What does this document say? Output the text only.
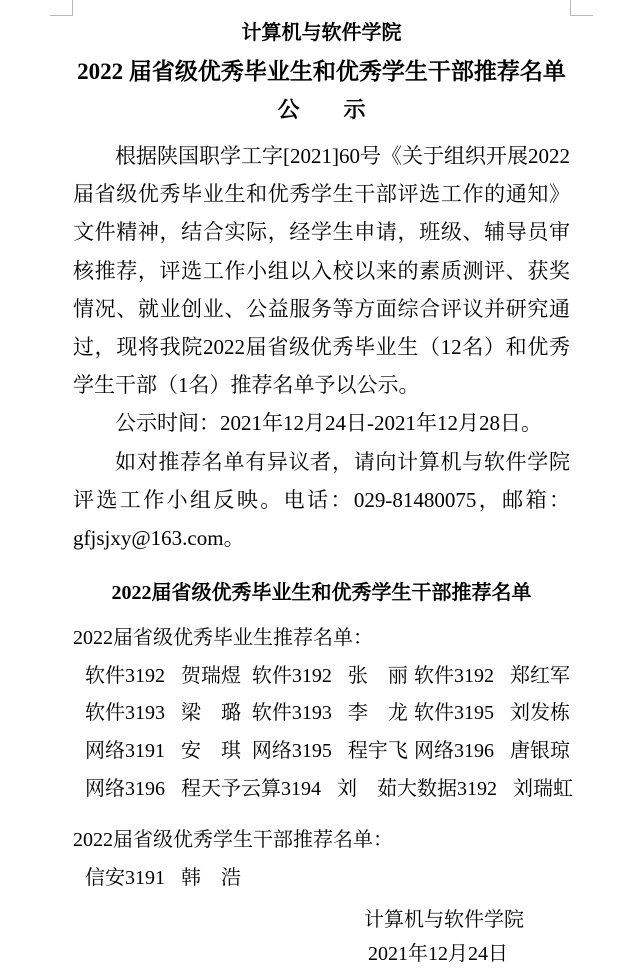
计算机与软件学院
2022 届省级优秀毕业生和优秀学生干部推荐名单
公　　示

根据陕国职学工字[2021]60号《关于组织开展2022 届省级优秀毕业生和优秀学生干部评选工作的通知》文件精神，结合实际，经学生申请，班级、辅导员审核推荐，评选工作小组以入校以来的素质测评、获奖情况、就业创业、公益服务等方面综合评议并研究通过，现将我院2022届省级优秀毕业生（12名）和优秀学生干部（1名）推荐名单予以公示。

公示时间：2021年12月24日-2021年12月28日。

如对推荐名单有异议者，请向计算机与软件学院评选工作小组反映。电话：029-81480075，邮箱：gfjsjxy@163.com。

2022届省级优秀毕业生和优秀学生干部推荐名单
2022届省级优秀毕业生推荐名单：
软件3192 贺瑞煜 软件3192 张　丽 软件3192 郑红军
软件3193 梁　璐 软件3193 李　龙 软件3195 刘发栋
网络3191 安　琪 网络3195 程宇飞 网络3196 唐银琼
网络3196 程天予 云算3194 刘　茹 大数据3192 刘瑞虹
2022届省级优秀学生干部推荐名单：
信安3191 韩　浩
计算机与软件学院
2021年12月24日
